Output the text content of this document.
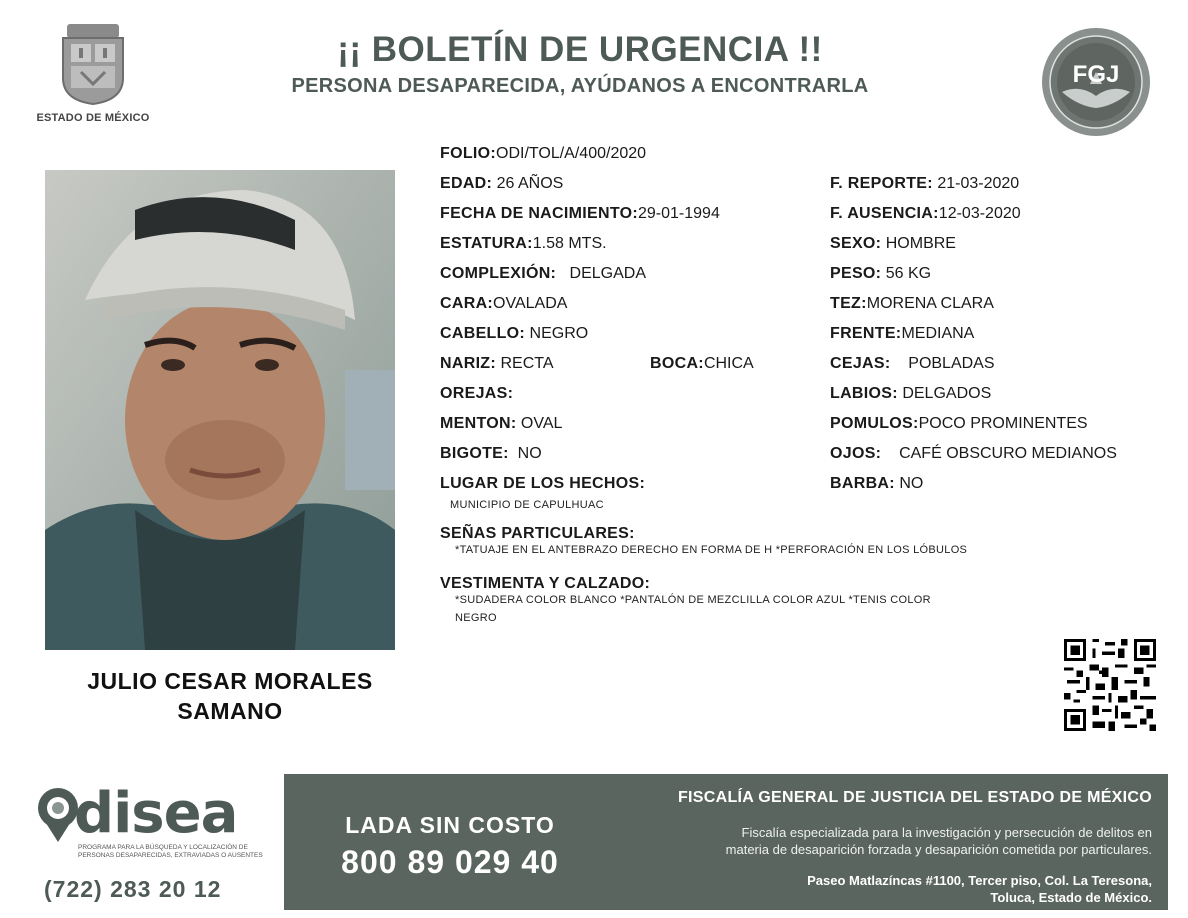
ESTADO DE MÉXICO
¡¡ BOLETÍN DE URGENCIA !!
PERSONA DESAPARECIDA, AYÚDANOS A ENCONTRARLA	FGJ
JULIO CESAR MORALES
SAMANO
FOLIO:ODI/TOL/A/400/2020
EDAD: 26 AÑOS
FECHA DE NACIMIENTO:29-01-1994
ESTATURA:1.58 MTS.
COMPLEXIÓN: DELGADA
CARA:OVALADA
CABELLO: NEGRO
NARIZ: RECTA	BOCA:CHICA
OREJAS:
MENTON: OVAL
BIGOTE: NO
LUGAR DE LOS HECHOS:
MUNICIPIO DE CAPULHUAC
F. REPORTE: 21-03-2020
F. AUSENCIA:12-03-2020
SEXO: HOMBRE
PESO: 56 KG
TEZ:MORENA CLARA
FRENTE:MEDIANA
CEJAS: POBLADAS
LABIOS: DELGADOS
POMULOS:POCO PROMINENTES
OJOS: CAFÉ OBSCURO MEDIANOS
BARBA: NO
SEÑAS PARTICULARES:
*TATUAJE EN EL ANTEBRAZO DERECHO EN FORMA DE H *PERFORACIÓN EN LOS LÓBULOS
VESTIMENTA Y CALZADO:
*SUDADERA COLOR BLANCO *PANTALÓN DE MEZCLILLA COLOR AZUL *TENIS COLOR
NEGRO
disea
PROGRAMA PARA LA BÚSQUEDA Y LOCALIZACIÓN DE PERSONAS DESAPARECIDAS, EXTRAVIADAS O AUSENTES
(722) 283 20 12
LADA SIN COSTO
800 89 029 40
FISCALÍA GENERAL DE JUSTICIA DEL ESTADO DE MÉXICO
Fiscalía especializada para la investigación y persecución de delitos en
materia de desaparición forzada y desaparición cometida por particulares.
Paseo Matlazíncas #1100, Tercer piso, Col. La Teresona,
Toluca, Estado de México.
